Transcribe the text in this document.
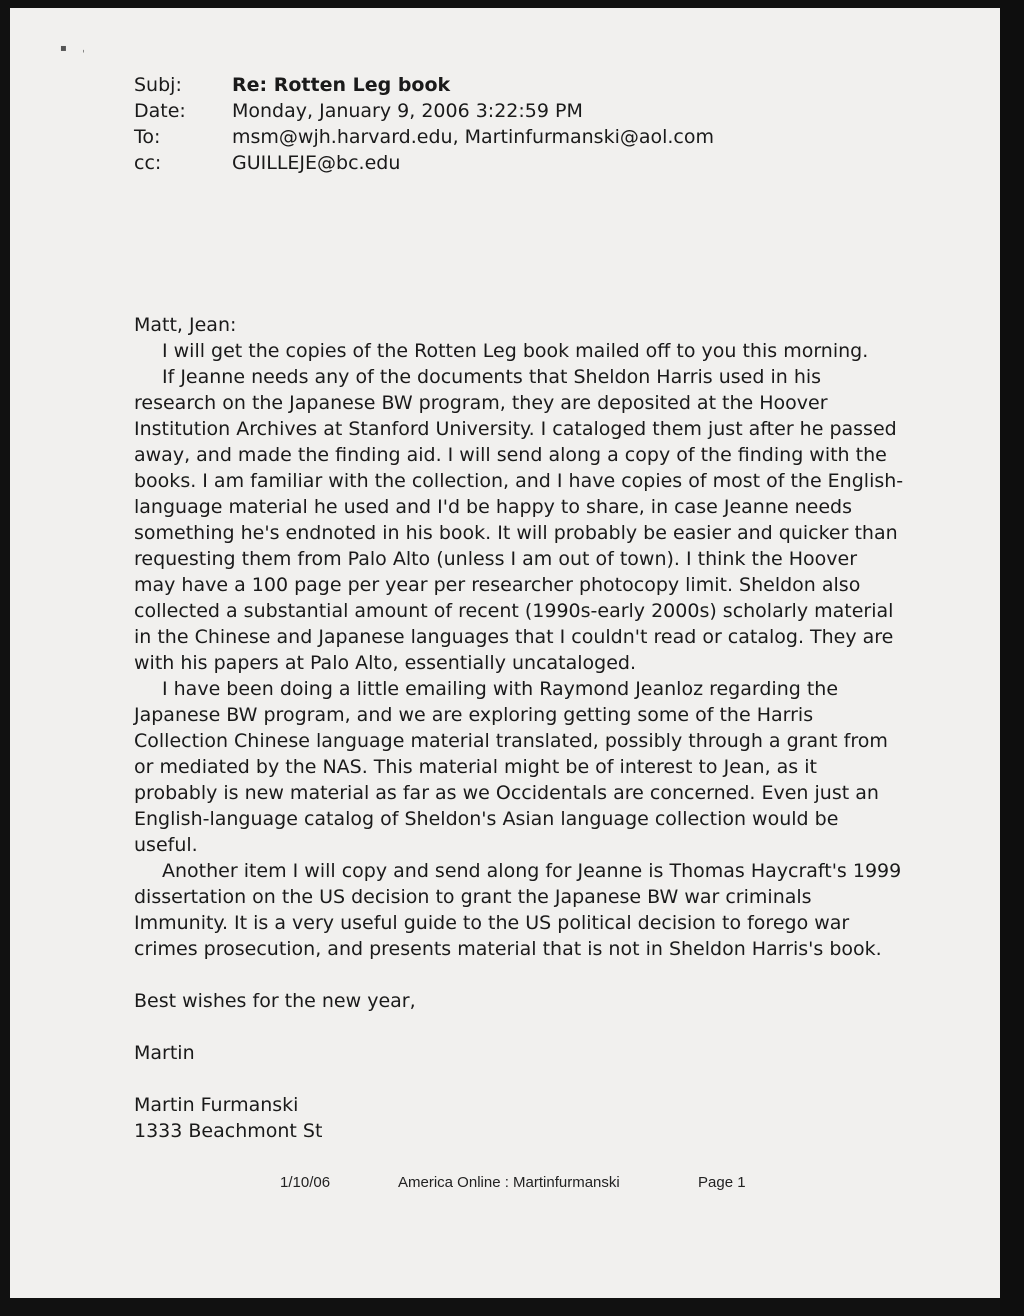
▪ ˌ
Subj:	Re: Rotten Leg book
Date:	Monday, January 9, 2006 3:22:59 PM
To:	msm@wjh.harvard.edu, Martinfurmanski@aol.com
cc:	GUILLEJE@bc.edu

Matt, Jean:

I will get the copies of the Rotten Leg book mailed off to you this morning.

If Jeanne needs any of the documents that Sheldon Harris used in his research on the Japanese BW program, they are deposited at the Hoover Institution Archives at Stanford University. I cataloged them just after he passed away, and made the finding aid. I will send along a copy of the finding with the books. I am familiar with the collection, and I have copies of most of the English-language material he used and I'd be happy to share, in case Jeanne needs something he's endnoted in his book. It will probably be easier and quicker than requesting them from Palo Alto (unless I am out of town). I think the Hoover may have a 100 page per year per researcher photocopy limit. Sheldon also collected a substantial amount of recent (1990s-early 2000s) scholarly material in the Chinese and Japanese languages that I couldn't read or catalog. They are with his papers at Palo Alto, essentially uncataloged.

I have been doing a little emailing with Raymond Jeanloz regarding the Japanese BW program, and we are exploring getting some of the Harris Collection Chinese language material translated, possibly through a grant from or mediated by the NAS. This material might be of interest to Jean, as it probably is new material as far as we Occidentals are concerned. Even just an English-language catalog of Sheldon's Asian language collection would be useful.

Another item I will copy and send along for Jeanne is Thomas Haycraft's 1999 dissertation on the US decision to grant the Japanese BW war criminals Immunity. It is a very useful guide to the US political decision to forego war crimes prosecution, and presents material that is not in Sheldon Harris's book.

Best wishes for the new year,

Martin

Martin Furmanski

1333 Beachmont St

1/10/06	America Online : Martinfurmanski	Page 1
